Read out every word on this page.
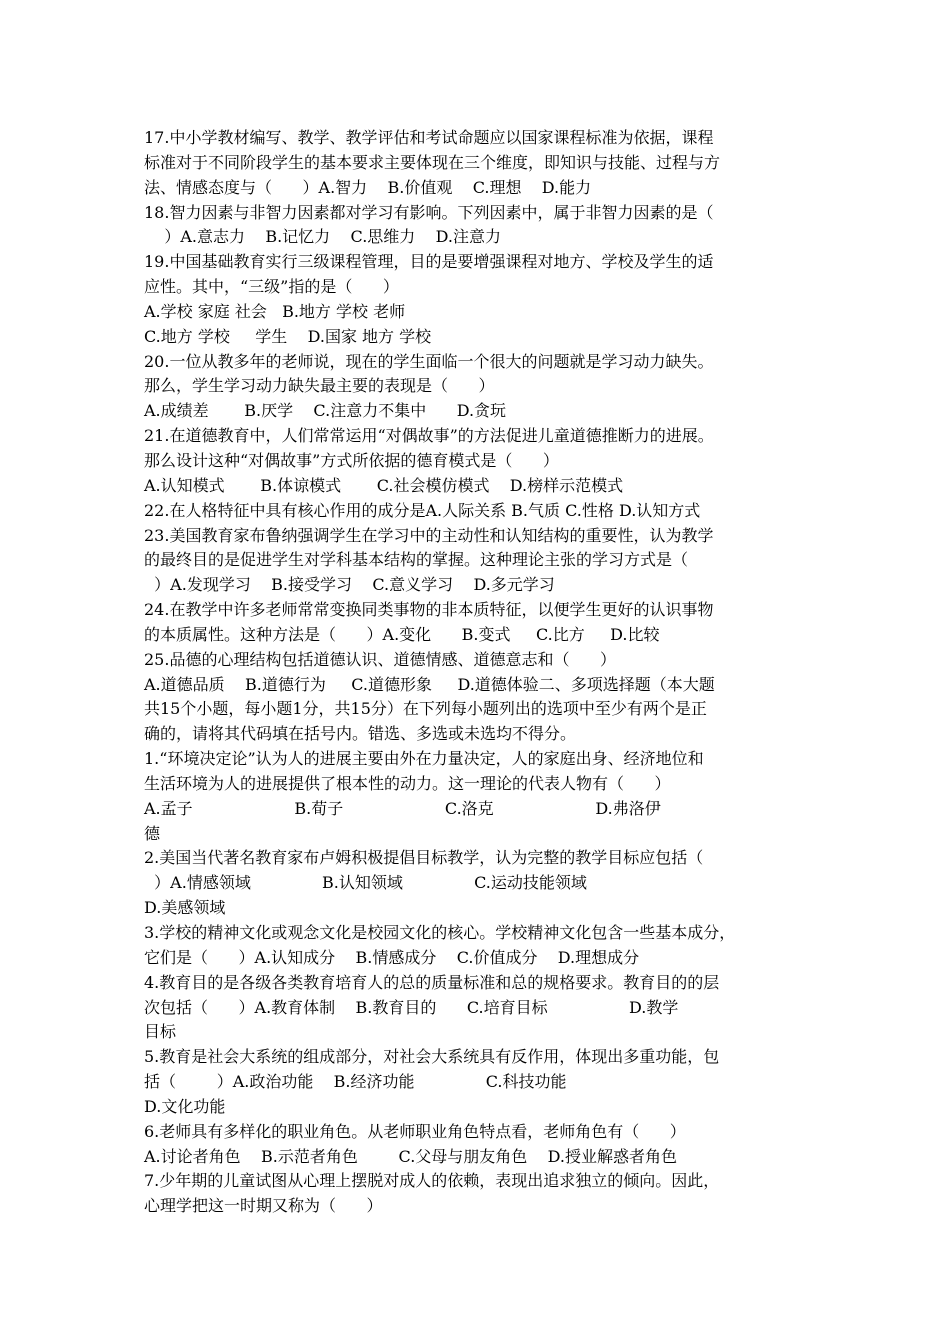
17.中小学教材编写、教学、教学评估和考试命题应以国家课程标准为依据，课程
标准对于不同阶段学生的基本要求主要体现在三个维度，即知识与技能、过程与方
法、情感态度与（      ）A.智力    B.价值观    C.理想    D.能力
18.智力因素与非智力因素都对学习有影响。下列因素中，属于非智力因素的是（
）A.意志力    B.记忆力    C.思维力    D.注意力
19.中国基础教育实行三级课程管理，目的是要增强课程对地方、学校及学生的适
应性。其中，“三级”指的是（      ）
A.学校 家庭 社会   B.地方 学校 老师
C.地方 学校     学生    D.国家 地方 学校
20.一位从教多年的老师说，现在的学生面临一个很大的问题就是学习动力缺失。
那么，学生学习动力缺失最主要的表现是（      ）
A.成绩差       B.厌学    C.注意力不集中      D.贪玩
21.在道德教育中，人们常常运用“对偶故事”的方法促进儿童道德推断力的进展。
那么设计这种“对偶故事”方式所依据的德育模式是（      ）
A.认知模式       B.体谅模式       C.社会模仿模式    D.榜样示范模式
22.在人格特征中具有核心作用的成分是A.人际关系 B.气质 C.性格 D.认知方式
23.美国教育家布鲁纳强调学生在学习中的主动性和认知结构的重要性，认为教学
的最终目的是促进学生对学科基本结构的掌握。这种理论主张的学习方式是（
）A.发现学习    B.接受学习    C.意义学习    D.多元学习
24.在教学中许多老师常常变换同类事物的非本质特征，以便学生更好的认识事物
的本质属性。这种方法是（      ）A.变化      B.变式     C.比方     D.比较
25.品德的心理结构包括道德认识、道德情感、道德意志和（      ）
A.道德品质    B.道德行为     C.道德形象     D.道德体验二、多项选择题（本大题
共15个小题，每小题1分，共15分）在下列每小题列出的选项中至少有两个是正
确的，请将其代码填在括号内。错选、多选或未选均不得分。
1.“环境决定论”认为人的进展主要由外在力量决定，人的家庭出身、经济地位和
生活环境为人的进展提供了根本性的动力。这一理论的代表人物有（      ）
A.孟子                    B.荀子                    C.洛克                    D.弗洛伊
德
2.美国当代著名教育家布卢姆积极提倡目标教学，认为完整的教学目标应包括（
）A.情感领域              B.认知领域              C.运动技能领域
D.美感领域
3.学校的精神文化或观念文化是校园文化的核心。学校精神文化包含一些基本成分，
它们是（      ）A.认知成分    B.情感成分    C.价值成分    D.理想成分
4.教育目的是各级各类教育培育人的总的质量标准和总的规格要求。教育目的的层
次包括（      ）A.教育体制    B.教育目的      C.培育目标                D.教学
目标
5.教育是社会大系统的组成部分，对社会大系统具有反作用，体现出多重功能，包
括（        ）A.政治功能    B.经济功能              C.科技功能
D.文化功能
6.老师具有多样化的职业角色。从老师职业角色特点看，老师角色有（      ）
A.讨论者角色    B.示范者角色        C.父母与朋友角色    D.授业解惑者角色
7.少年期的儿童试图从心理上摆脱对成人的依赖，表现出追求独立的倾向。因此，
心理学把这一时期又称为（      ）
